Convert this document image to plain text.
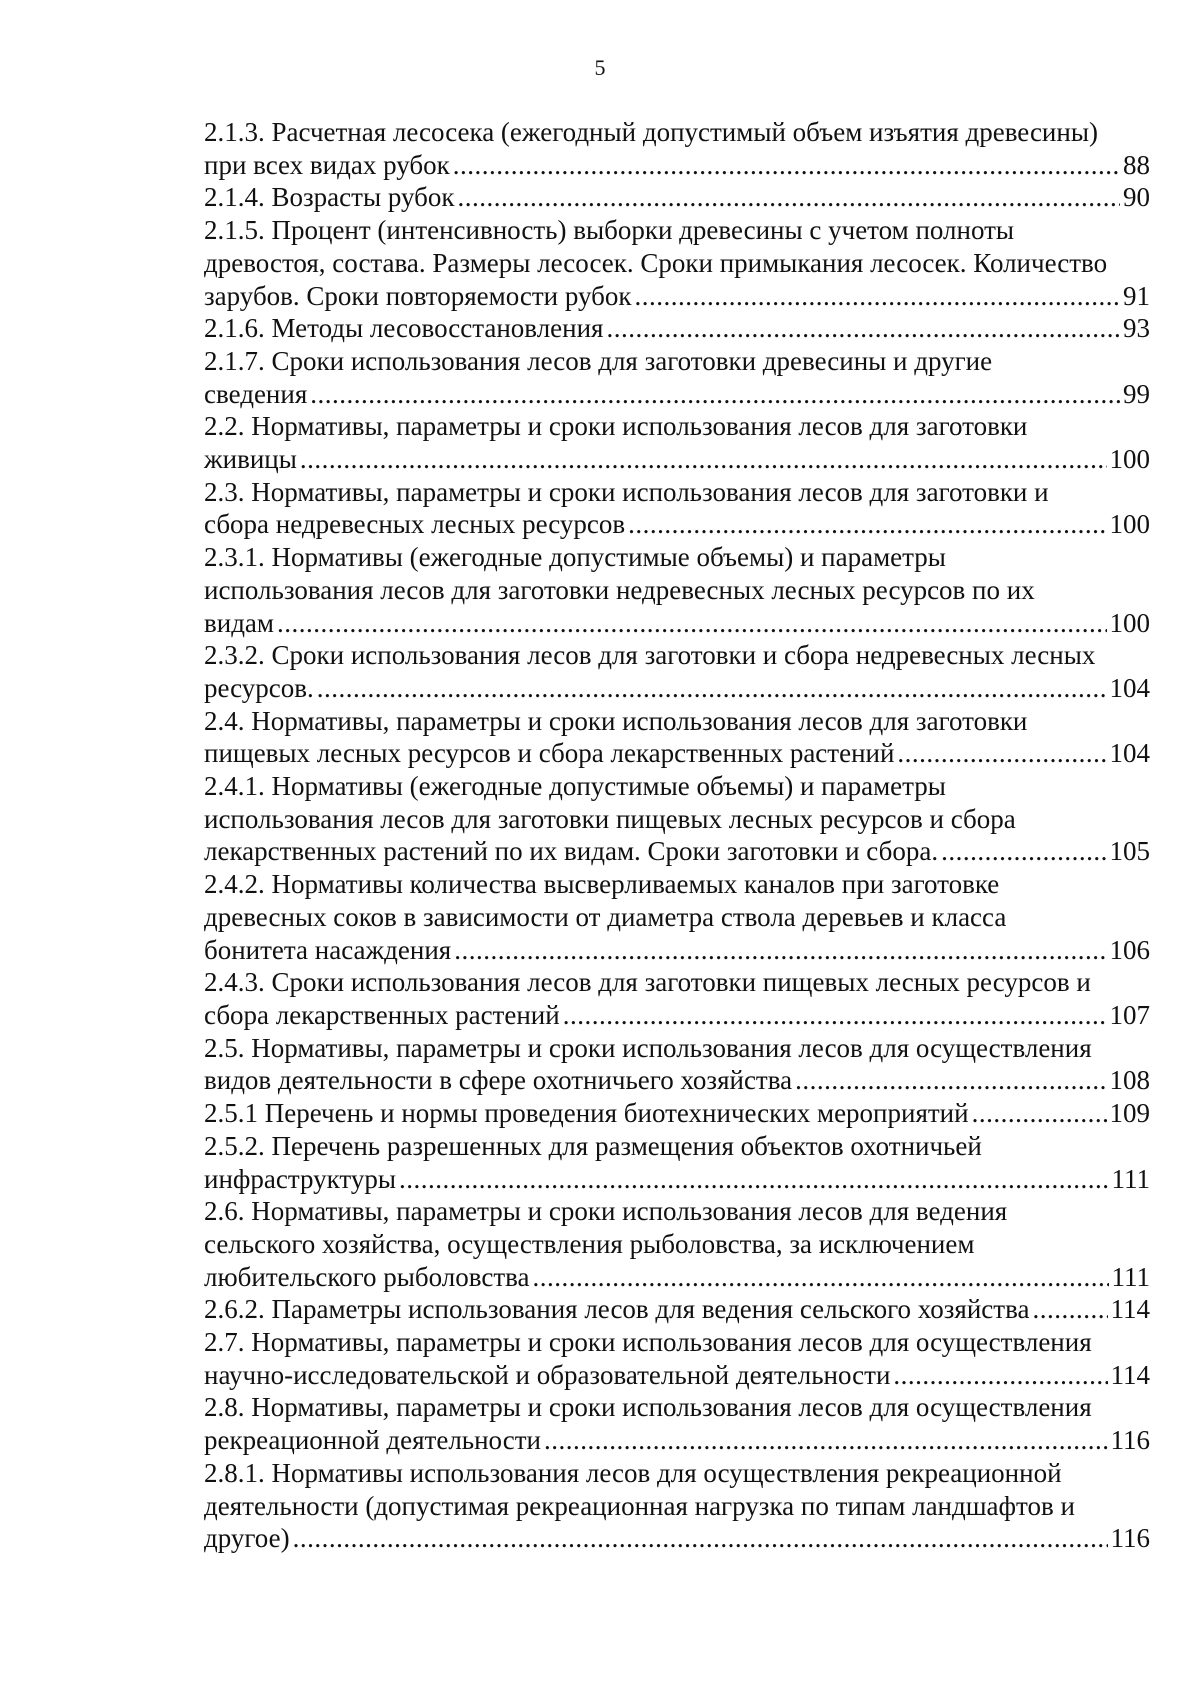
5
2.1.3. Расчетная лесосека (ежегодный допустимый объем изъятия древесины)
при всех видах рубок .....	88
2.1.4. Возрасты рубок .....	90
2.1.5. Процент (интенсивность) выборки древесины с учетом полноты
древостоя, состава. Размеры лесосек. Сроки примыкания лесосек. Количество
зарубов. Сроки повторяемости рубок .....	91
2.1.6. Методы лесовосстановления .....	93
2.1.7. Сроки использования лесов для заготовки древесины и другие
сведения .....	99
2.2. Нормативы, параметры и сроки использования лесов для заготовки
живицы .....	100
2.3. Нормативы, параметры и сроки использования лесов для заготовки и
сбора недревесных лесных ресурсов .....	100
2.3.1. Нормативы (ежегодные допустимые объемы) и параметры
использования лесов для заготовки недревесных лесных ресурсов по их
видам .....	100
2.3.2. Сроки использования лесов для заготовки и сбора недревесных лесных
ресурсов. .....	104
2.4. Нормативы, параметры и сроки использования лесов для заготовки
пищевых лесных ресурсов и сбора лекарственных растений .....	104
2.4.1. Нормативы (ежегодные допустимые объемы) и параметры
использования лесов для заготовки пищевых лесных ресурсов и сбора
лекарственных растений по их видам. Сроки заготовки и сбора. .....	105
2.4.2. Нормативы количества высверливаемых каналов при заготовке
древесных соков в зависимости от диаметра ствола деревьев и класса
бонитета насаждения .....	106
2.4.3. Сроки использования лесов для заготовки пищевых лесных ресурсов и
сбора лекарственных растений .....	107
2.5. Нормативы, параметры и сроки использования лесов для осуществления
видов деятельности в сфере охотничьего хозяйства .....	108
2.5.1 Перечень и нормы проведения биотехнических мероприятий .....	109
2.5.2. Перечень разрешенных для размещения объектов охотничьей
инфраструктуры .....	111
2.6. Нормативы, параметры и сроки использования лесов для ведения
сельского хозяйства, осуществления рыболовства, за исключением
любительского рыболовства .....	111
2.6.2. Параметры использования лесов для ведения сельского хозяйства .....	114
2.7. Нормативы, параметры и сроки использования лесов для осуществления
научно-исследовательской и образовательной деятельности .....	114
2.8. Нормативы, параметры и сроки использования лесов для осуществления
рекреационной деятельности .....	116
2.8.1. Нормативы использования лесов для осуществления рекреационной
деятельности (допустимая рекреационная нагрузка по типам ландшафтов и
другое) .....	116
